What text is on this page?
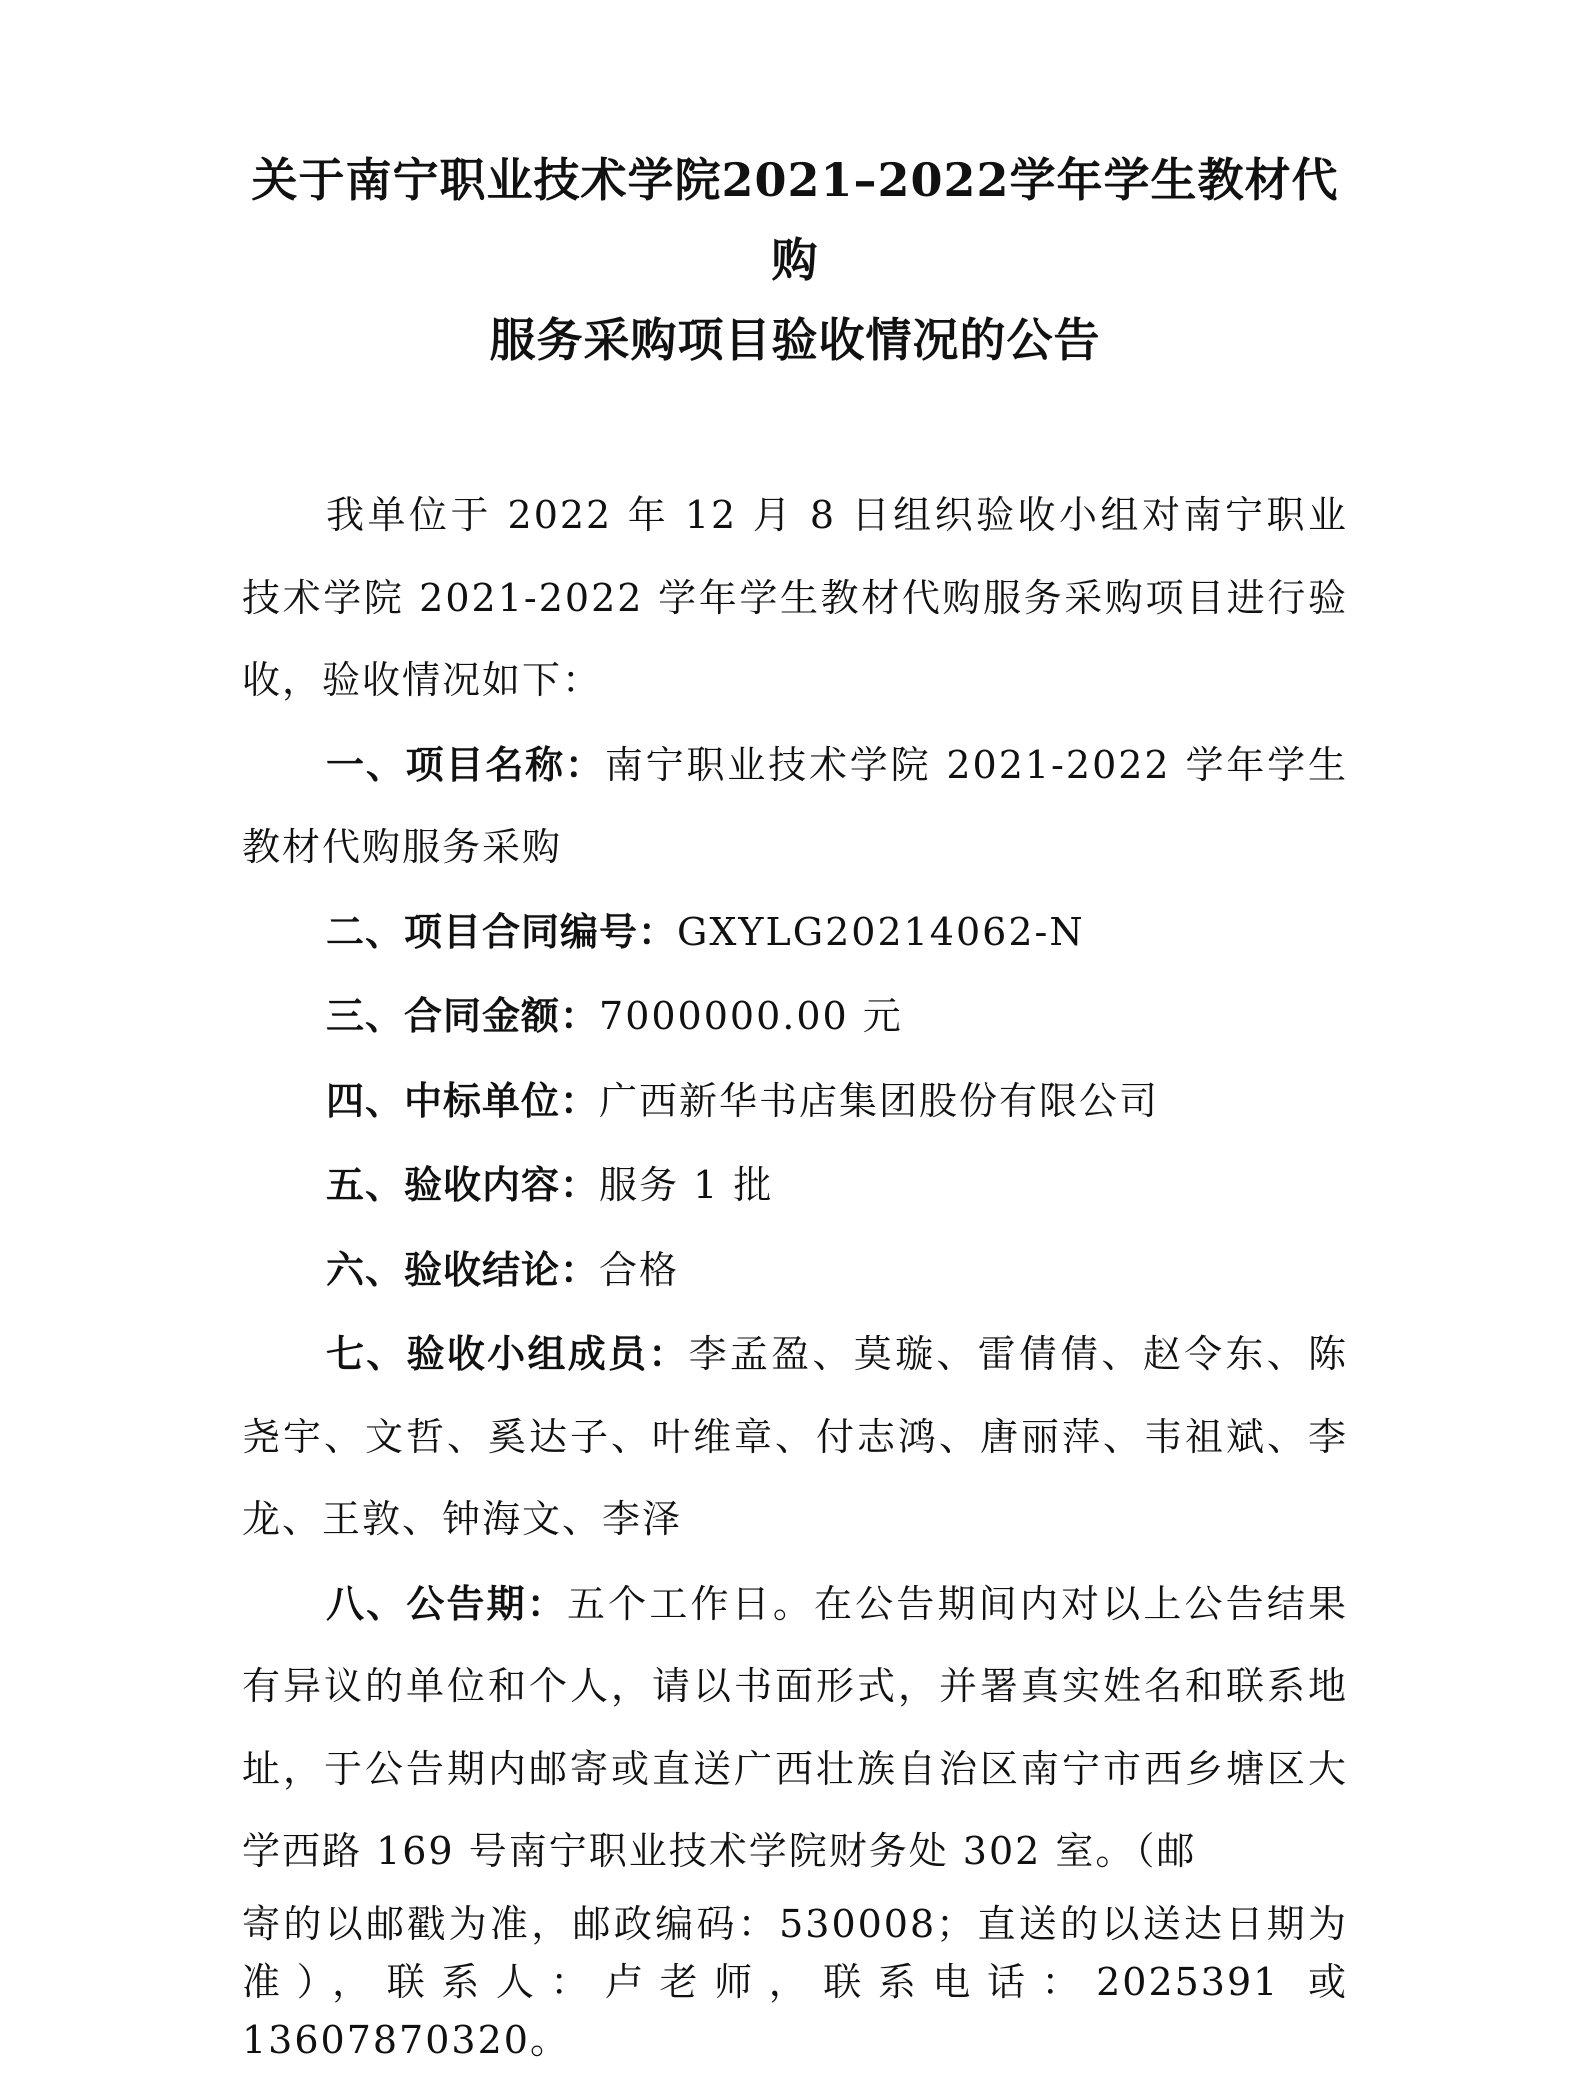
关于南宁职业技术学院2021–2022学年学生教材代购
服务采购项目验收情况的公告

我单位于 2022 年 12 月 8 日组织验收小组对南宁职业技术学院 2021-2022 学年学生教材代购服务采购项目进行验收，验收情况如下：

一、项目名称：南宁职业技术学院 2021-2022 学年学生教材代购服务采购

二、项目合同编号：GXYLG20214062-N

三、合同金额：7000000.00 元

四、中标单位：广西新华书店集团股份有限公司

五、验收内容：服务 1 批

六、验收结论：合格

七、验收小组成员：李孟盈、莫璇、雷倩倩、赵令东、陈尧宇、文哲、奚达子、叶维章、付志鸿、唐丽萍、韦祖斌、李龙、王敦、钟海文、李泽

八、公告期：五个工作日。在公告期间内对以上公告结果有异议的单位和个人，请以书面形式，并署真实姓名和联系地址，于公告期内邮寄或直送广西壮族自治区南宁市西乡塘区大学西路 169 号南宁职业技术学院财务处 302 室。（邮

寄的以邮戳为准，邮政编码：530008；直送的以送达日期为准），联系人：卢老师，联系电话：2025391 或 13607870320。
